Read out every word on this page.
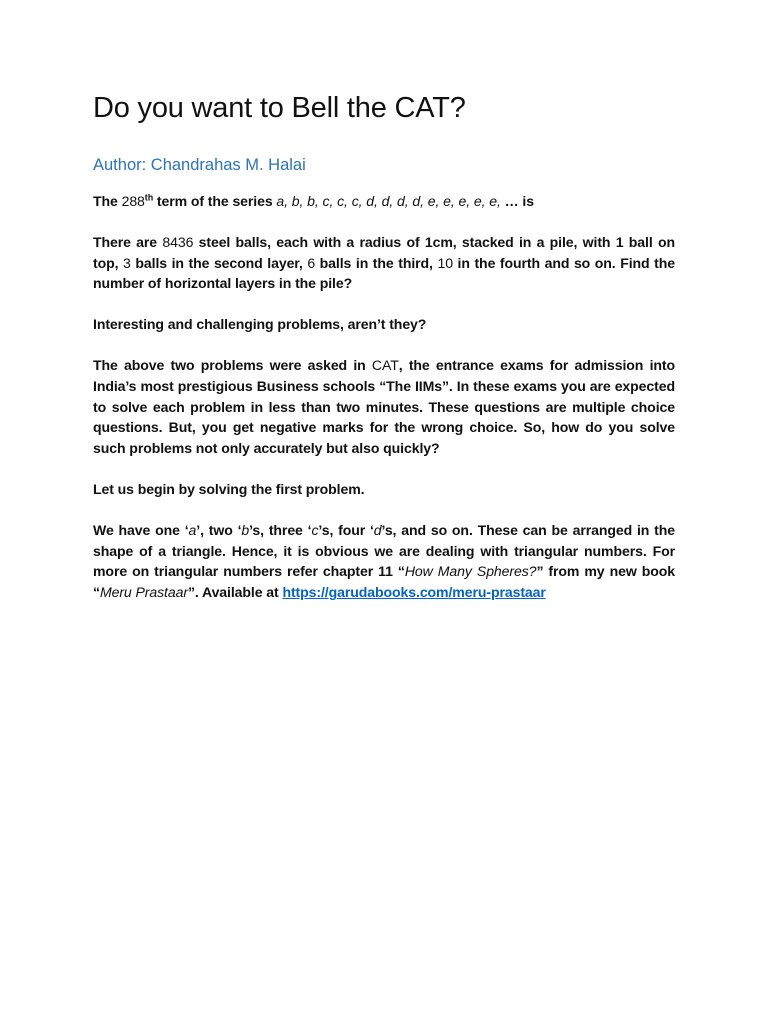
Do you want to Bell the CAT?
Author: Chandrahas M. Halai

The 288th term of the series a, b, b, c, c, c, d, d, d, d, e, e, e, e, e, … is

There are 8436 steel balls, each with a radius of 1cm, stacked in a pile, with 1 ball on top, 3 balls in the second layer, 6 balls in the third, 10 in the fourth and so on. Find the number of horizontal layers in the pile?

Interesting and challenging problems, aren’t they?

The above two problems were asked in CAT, the entrance exams for admission into India’s most prestigious Business schools “The IIMs”. In these exams you are expected to solve each problem in less than two minutes. These questions are multiple choice questions. But, you get negative marks for the wrong choice. So, how do you solve such problems not only accurately but also quickly?

Let us begin by solving the first problem.

We have one ‘a’, two ‘b’s, three ‘c’s, four ‘d’s, and so on. These can be arranged in the shape of a triangle. Hence, it is obvious we are dealing with triangular numbers. For more on triangular numbers refer chapter 11 “How Many Spheres?” from my new book “Meru Prastaar”. Available at https://garudabooks.com/meru-prastaar
